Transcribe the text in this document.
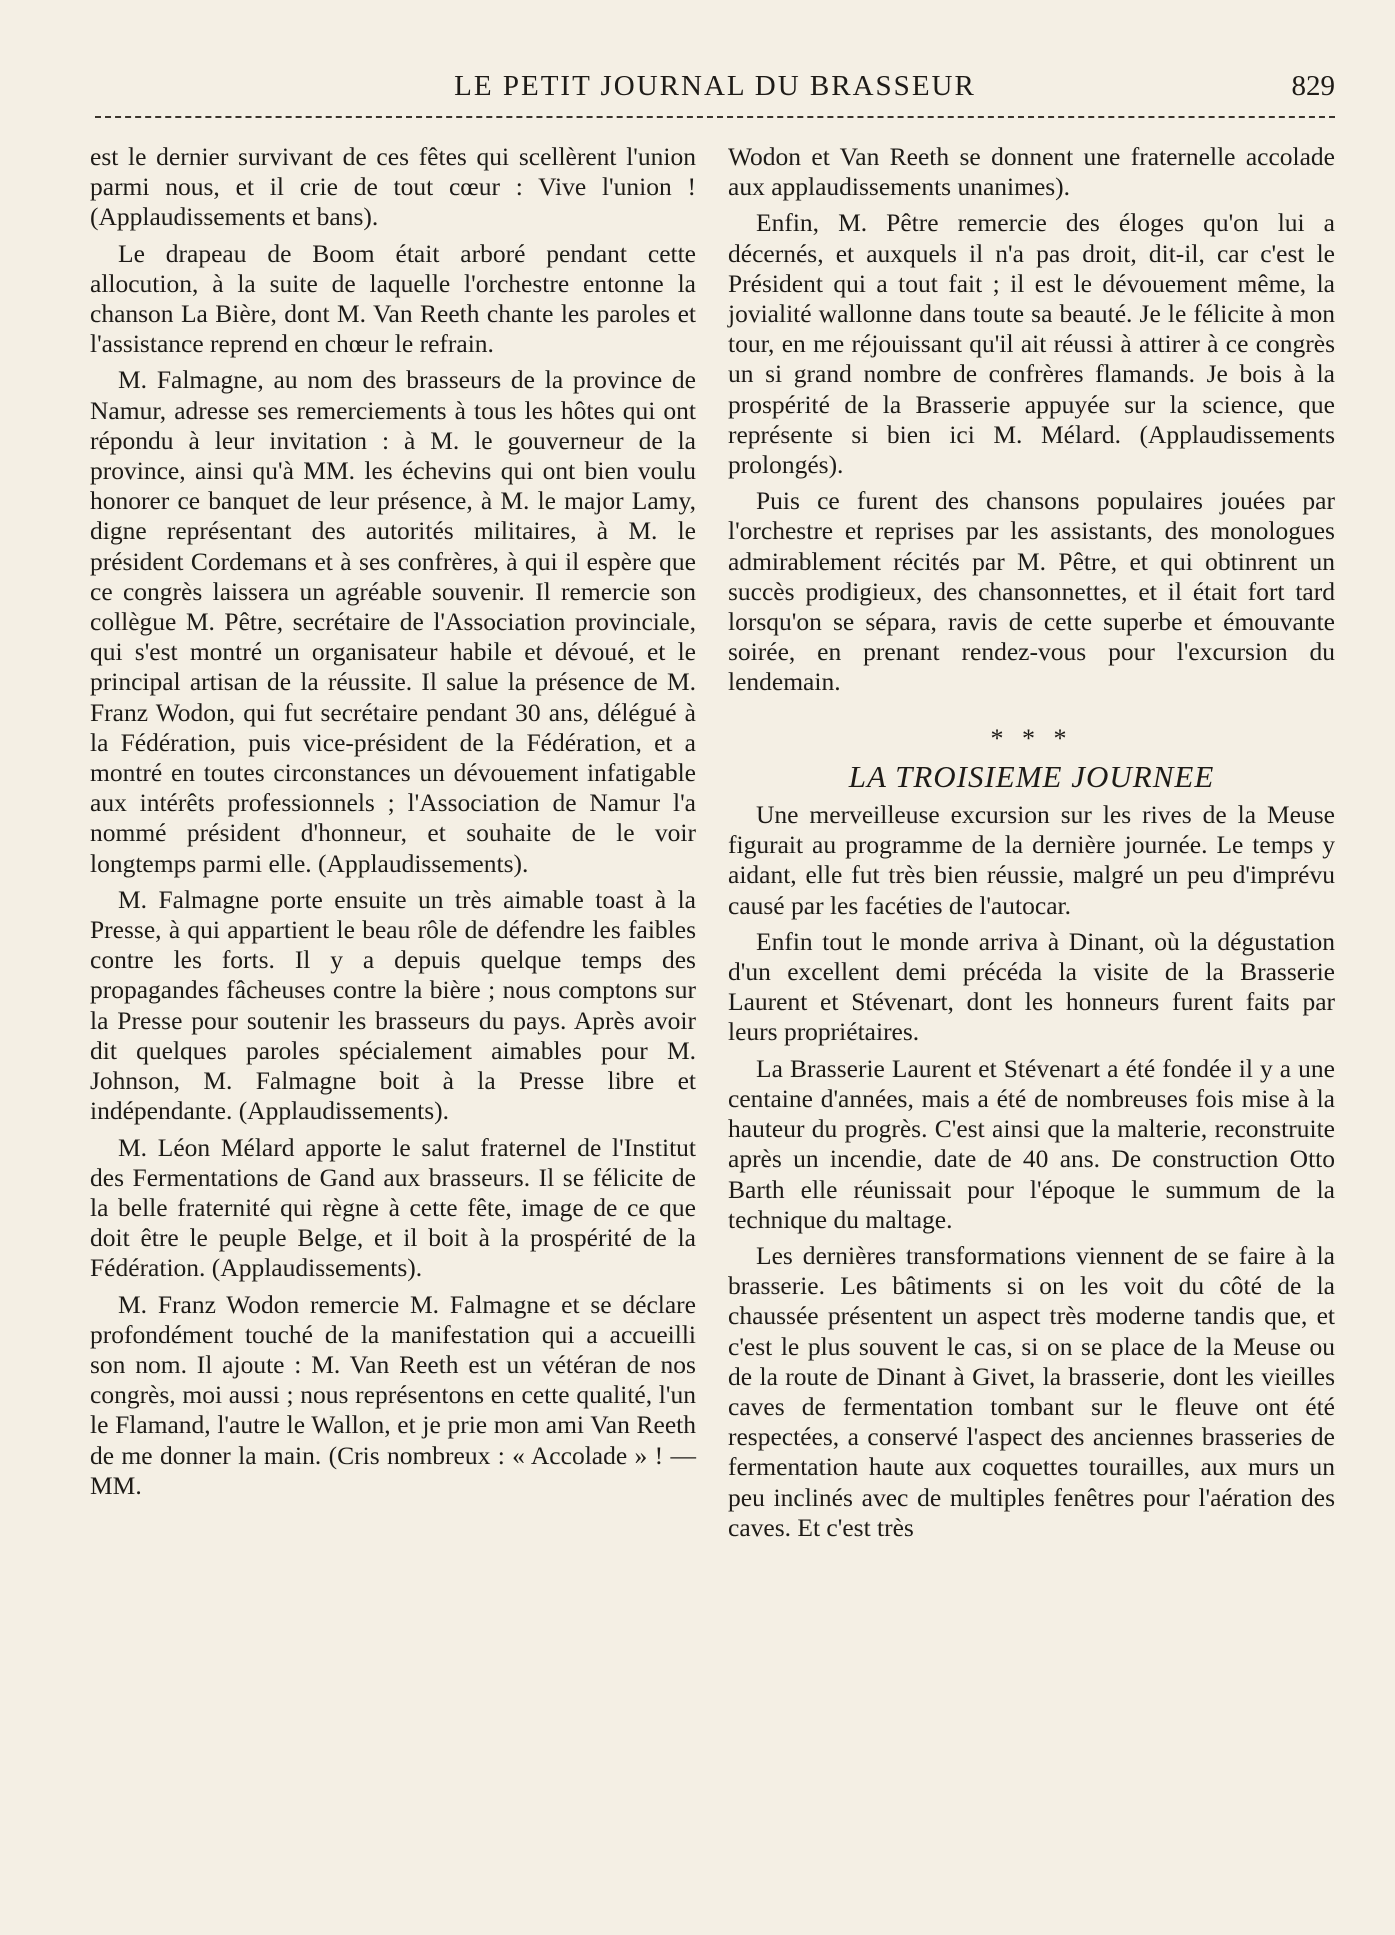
LE PETIT JOURNAL DU BRASSEUR	829

est le dernier survivant de ces fêtes qui scellèrent l'union parmi nous, et il crie de tout cœur : Vive l'union ! (Applaudissements et bans).

Le drapeau de Boom était arboré pendant cette allocution, à la suite de laquelle l'orchestre entonne la chanson La Bière, dont M. Van Reeth chante les paroles et l'assistance reprend en chœur le refrain.

M. Falmagne, au nom des brasseurs de la province de Namur, adresse ses remerciements à tous les hôtes qui ont répondu à leur invitation : à M. le gouverneur de la province, ainsi qu'à MM. les échevins qui ont bien voulu honorer ce banquet de leur présence, à M. le major Lamy, digne représentant des autorités militaires, à M. le président Cordemans et à ses confrères, à qui il espère que ce congrès laissera un agréable souvenir. Il remercie son collègue M. Pêtre, secrétaire de l'Association provinciale, qui s'est montré un organisateur habile et dévoué, et le principal artisan de la réussite. Il salue la présence de M. Franz Wodon, qui fut secrétaire pendant 30 ans, délégué à la Fédération, puis vice-président de la Fédération, et a montré en toutes circonstances un dévouement infatigable aux intérêts professionnels ; l'Association de Namur l'a nommé président d'honneur, et souhaite de le voir longtemps parmi elle. (Applaudissements).

M. Falmagne porte ensuite un très aimable toast à la Presse, à qui appartient le beau rôle de défendre les faibles contre les forts. Il y a depuis quelque temps des propagandes fâcheuses contre la bière ; nous comptons sur la Presse pour soutenir les brasseurs du pays. Après avoir dit quelques paroles spécialement aimables pour M. Johnson, M. Falmagne boit à la Presse libre et indépendante. (Applaudissements).

M. Léon Mélard apporte le salut fraternel de l'Institut des Fermentations de Gand aux brasseurs. Il se félicite de la belle fraternité qui règne à cette fête, image de ce que doit être le peuple Belge, et il boit à la prospérité de la Fédération. (Applaudissements).

M. Franz Wodon remercie M. Falmagne et se déclare profondément touché de la manifestation qui a accueilli son nom. Il ajoute : M. Van Reeth est un vétéran de nos congrès, moi aussi ; nous représentons en cette qualité, l'un le Flamand, l'autre le Wallon, et je prie mon ami Van Reeth de me donner la main. (Cris nombreux : « Accolade » ! — MM.

Wodon et Van Reeth se donnent une fraternelle accolade aux applaudissements unanimes).

Enfin, M. Pêtre remercie des éloges qu'on lui a décernés, et auxquels il n'a pas droit, dit-il, car c'est le Président qui a tout fait ; il est le dévouement même, la jovialité wallonne dans toute sa beauté. Je le félicite à mon tour, en me réjouissant qu'il ait réussi à attirer à ce congrès un si grand nombre de confrères flamands. Je bois à la prospérité de la Brasserie appuyée sur la science, que représente si bien ici M. Mélard. (Applaudissements prolongés).

Puis ce furent des chansons populaires jouées par l'orchestre et reprises par les assistants, des monologues admirablement récités par M. Pêtre, et qui obtinrent un succès prodigieux, des chansonnettes, et il était fort tard lorsqu'on se sépara, ravis de cette superbe et émouvante soirée, en prenant rendez-vous pour l'excursion du lendemain.

* * *
LA TROISIEME JOURNEE

Une merveilleuse excursion sur les rives de la Meuse figurait au programme de la dernière journée. Le temps y aidant, elle fut très bien réussie, malgré un peu d'imprévu causé par les facéties de l'autocar.

Enfin tout le monde arriva à Dinant, où la dégustation d'un excellent demi précéda la visite de la Brasserie Laurent et Stévenart, dont les honneurs furent faits par leurs propriétaires.

La Brasserie Laurent et Stévenart a été fondée il y a une centaine d'années, mais a été de nombreuses fois mise à la hauteur du progrès. C'est ainsi que la malterie, reconstruite après un incendie, date de 40 ans. De construction Otto Barth elle réunissait pour l'époque le summum de la technique du maltage.

Les dernières transformations viennent de se faire à la brasserie. Les bâtiments si on les voit du côté de la chaussée présentent un aspect très moderne tandis que, et c'est le plus souvent le cas, si on se place de la Meuse ou de la route de Dinant à Givet, la brasserie, dont les vieilles caves de fermentation tombant sur le fleuve ont été respectées, a conservé l'aspect des anciennes brasseries de fermentation haute aux coquettes tourailles, aux murs un peu inclinés avec de multiples fenêtres pour l'aération des caves. Et c'est très
